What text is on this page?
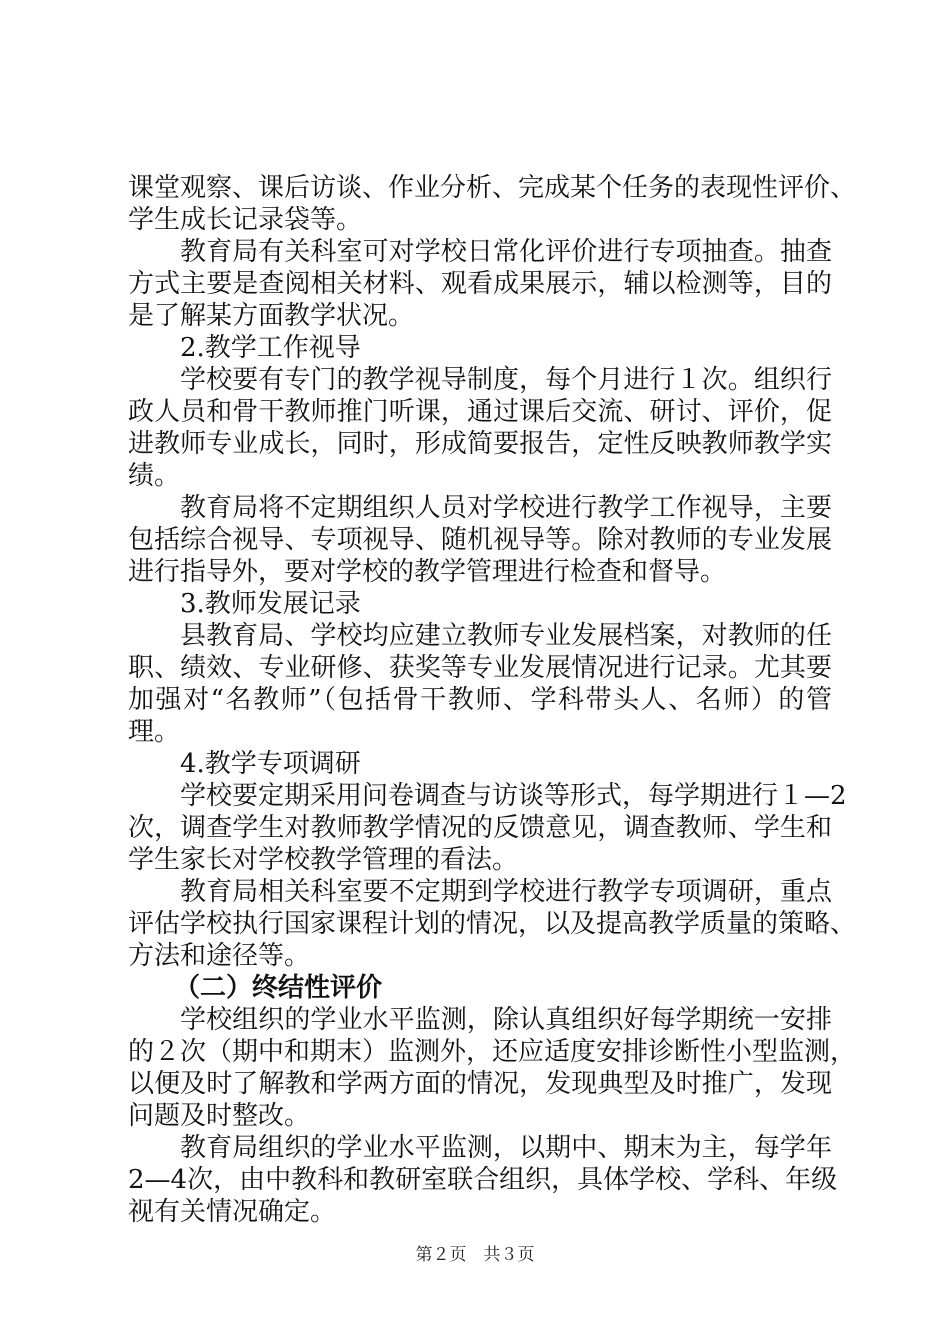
课堂观察、课后访谈、作业分析、完成某个任务的表现性评价、
学生成长记录袋等。
教育局有关科室可对学校日常化评价进行专项抽查。抽查
方式主要是查阅相关材料、观看成果展示，辅以检测等，目的
是了解某方面教学状况。
2.教学工作视导
学校要有专门的教学视导制度，每个月进行１次。组织行
政人员和骨干教师推门听课，通过课后交流、研讨、评价，促
进教师专业成长，同时，形成简要报告，定性反映教师教学实
绩。
教育局将不定期组织人员对学校进行教学工作视导，主要
包括综合视导、专项视导、随机视导等。除对教师的专业发展
进行指导外，要对学校的教学管理进行检查和督导。
3.教师发展记录
县教育局、学校均应建立教师专业发展档案，对教师的任
职、绩效、专业研修、获奖等专业发展情况进行记录。尤其要
加强对“名教师”（包括骨干教师、学科带头人、名师）的管
理。
4.教学专项调研
学校要定期采用问卷调查与访谈等形式，每学期进行１—2
次，调查学生对教师教学情况的反馈意见，调查教师、学生和
学生家长对学校教学管理的看法。
教育局相关科室要不定期到学校进行教学专项调研，重点
评估学校执行国家课程计划的情况，以及提高教学质量的策略、
方法和途径等。
（二）终结性评价
学校组织的学业水平监测，除认真组织好每学期统一安排
的２次（期中和期末）监测外，还应适度安排诊断性小型监测，
以便及时了解教和学两方面的情况，发现典型及时推广，发现
问题及时整改。
教育局组织的学业水平监测，以期中、期末为主，每学年
2—4次，由中教科和教研室联合组织，具体学校、学科、年级
视有关情况确定。
第２页　共３页
